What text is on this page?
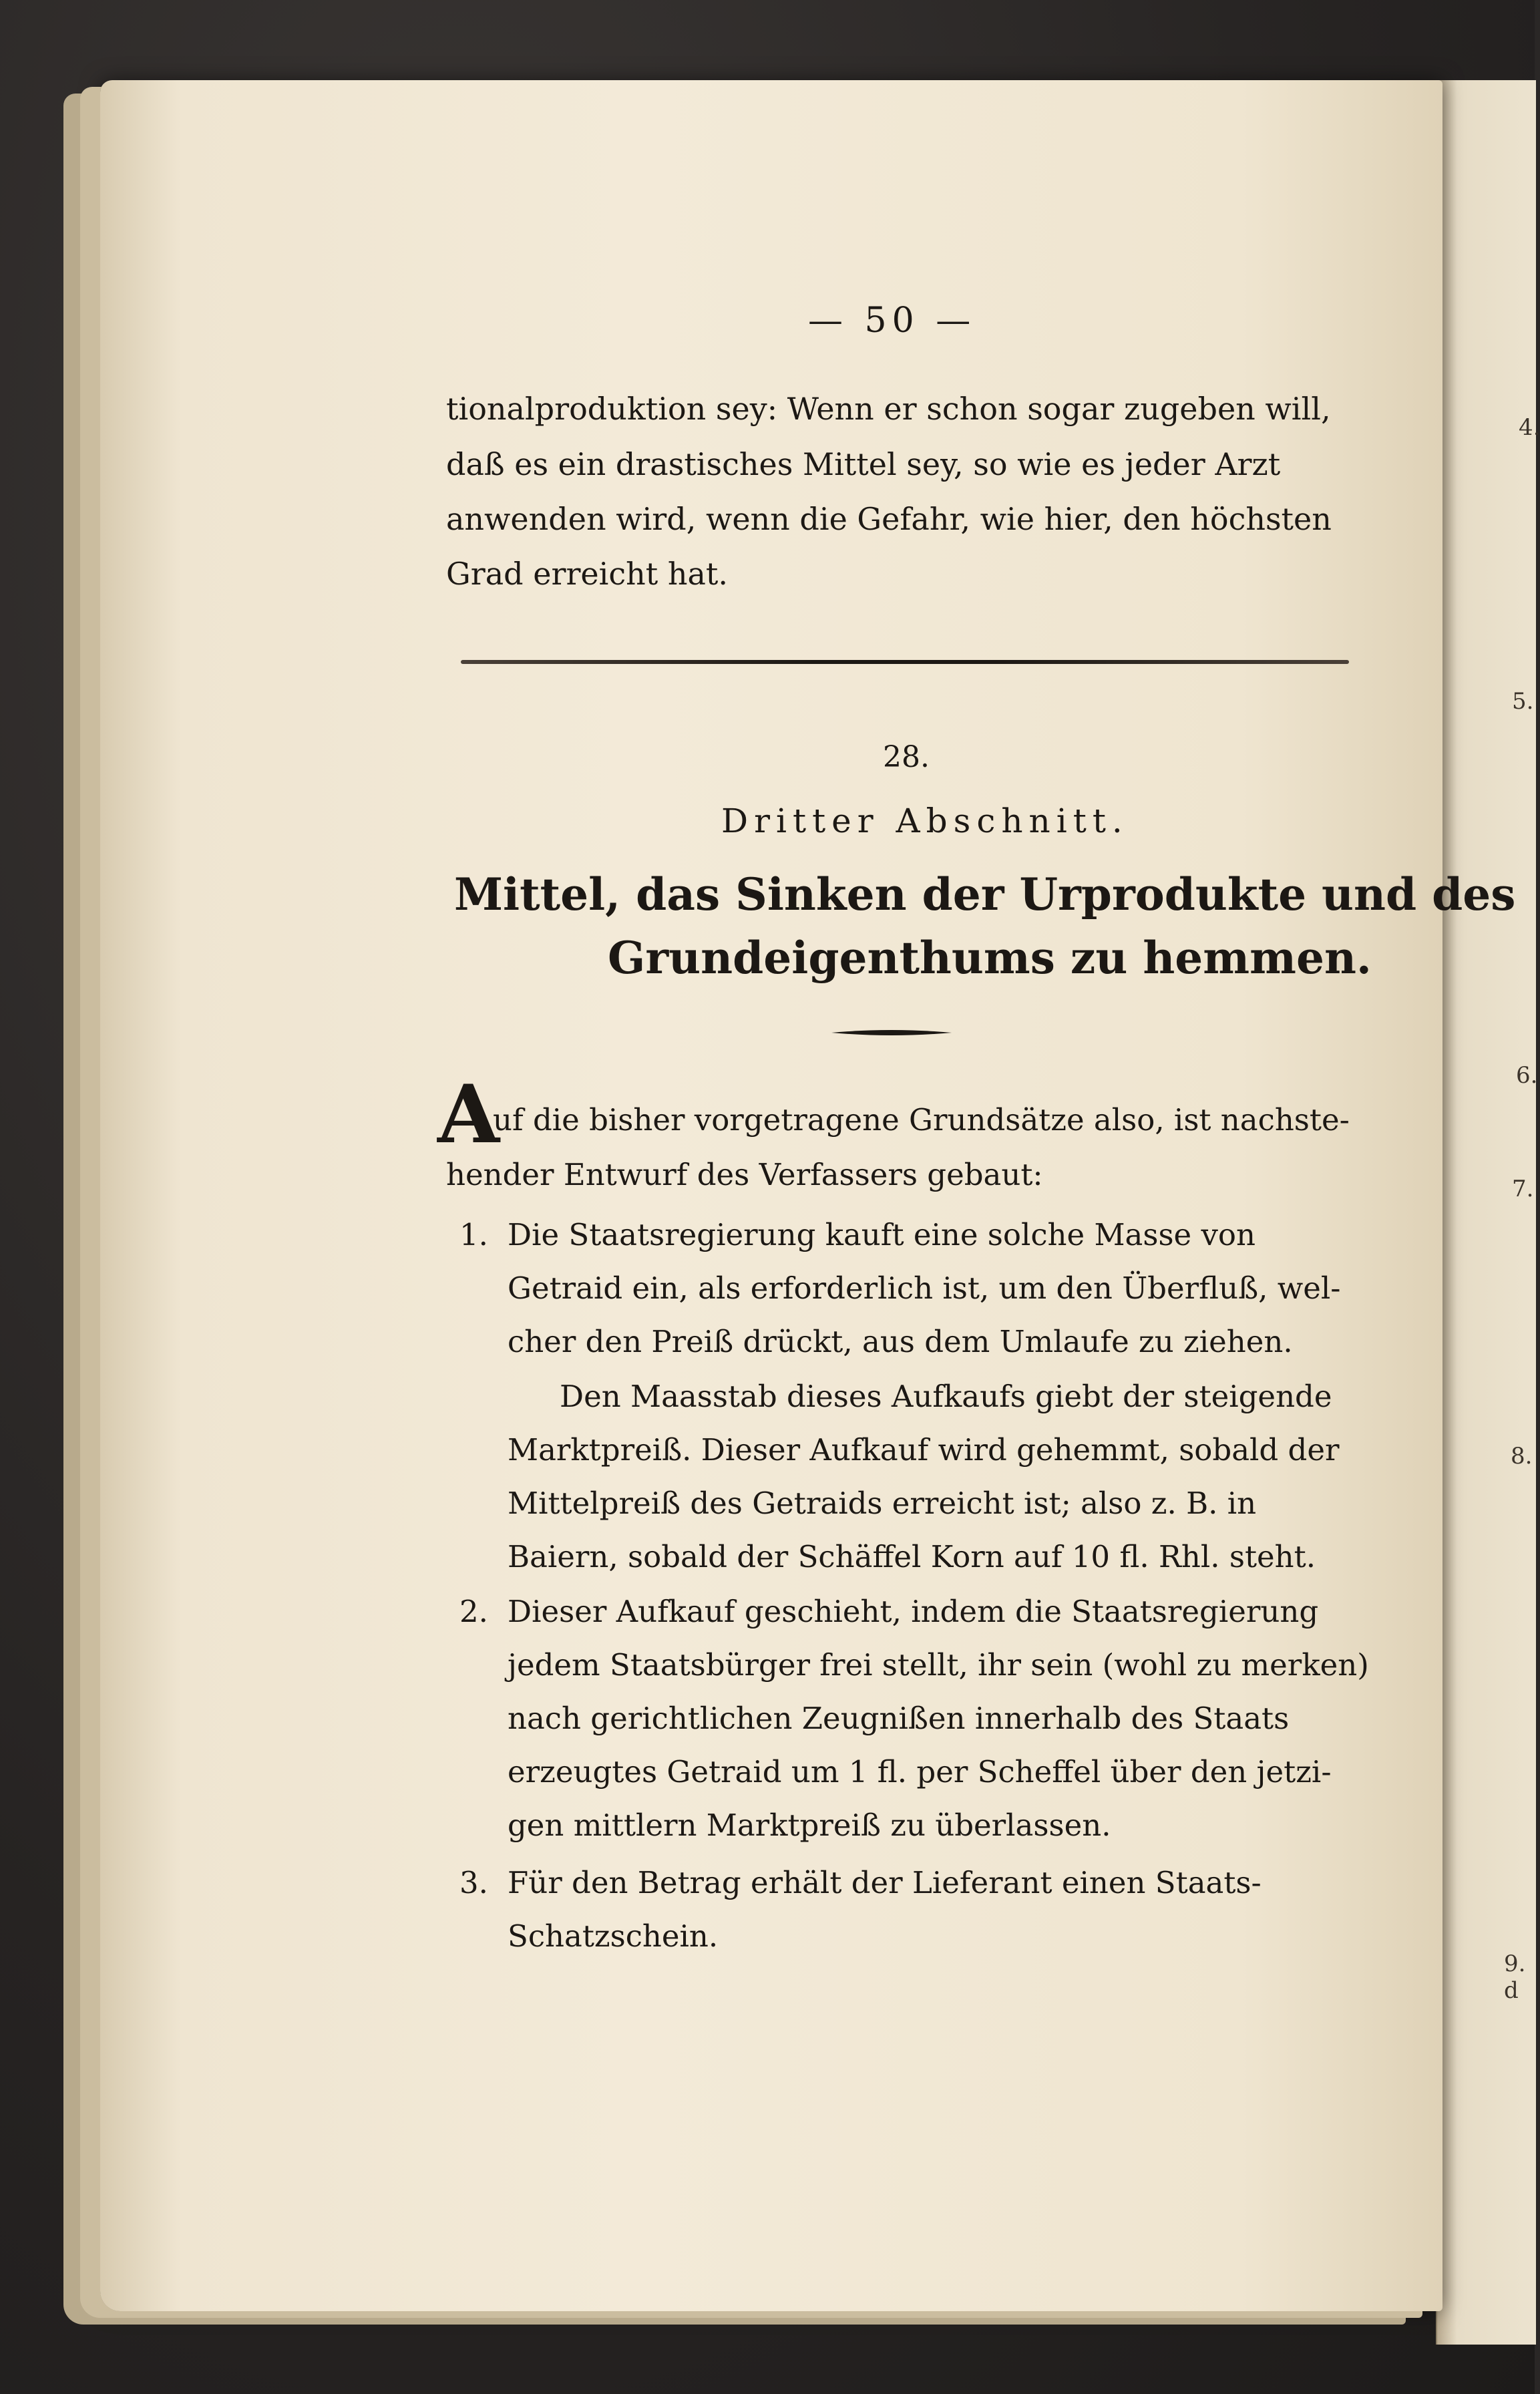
4.
5.
6.
7.
8.
9. d
— 50 —
tionalproduktion sey: Wenn er schon sogar zugeben will,
daß es ein drastisches Mittel sey, so wie es jeder Arzt
anwenden wird, wenn die Gefahr, wie hier, den höchsten
Grad erreicht hat.
28.
Dritter Abschnitt.
Mittel, das Sinken der Urprodukte und des
Grundeigenthums zu hemmen.
A
uf die bisher vorgetragene Grundsätze also, ist nachste-
hender Entwurf des Verfassers gebaut:
1. Die Staatsregierung kauft eine solche Masse von
Getraid ein, als erforderlich ist, um den Überfluß, wel-
cher den Preiß drückt, aus dem Umlaufe zu ziehen.
Den Maasstab dieses Aufkaufs giebt der steigende
Marktpreiß. Dieser Aufkauf wird gehemmt, sobald der
Mittelpreiß des Getraids erreicht ist; also z. B. in
Baiern, sobald der Schäffel Korn auf 10 fl. Rhl. steht.
2. Dieser Aufkauf geschieht, indem die Staatsregierung
jedem Staatsbürger frei stellt, ihr sein (wohl zu merken)
nach gerichtlichen Zeugnißen innerhalb des Staats
erzeugtes Getraid um 1 fl. per Scheffel über den jetzi-
gen mittlern Marktpreiß zu überlassen.
3. Für den Betrag erhält der Lieferant einen Staats-
Schatzschein.
